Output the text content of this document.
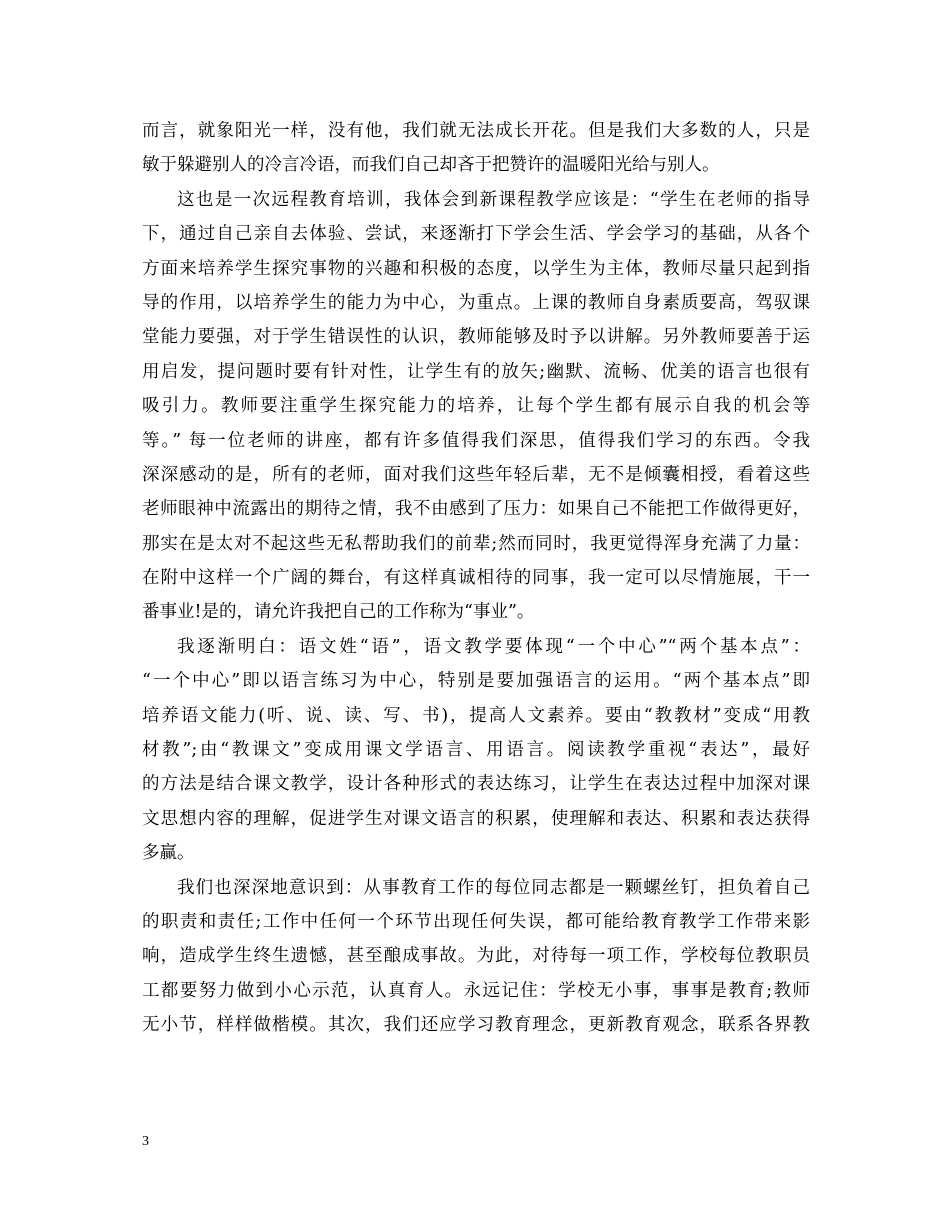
而言，就象阳光一样，没有他，我们就无法成长开花。但是我们大多数的人，只是
敏于躲避别人的冷言冷语，而我们自己却吝于把赞许的温暖阳光给与别人。
这也是一次远程教育培训，我体会到新课程教学应该是：“学生在老师的指导
下，通过自己亲自去体验、尝试，来逐渐打下学会生活、学会学习的基础，从各个
方面来培养学生探究事物的兴趣和积极的态度，以学生为主体，教师尽量只起到指
导的作用，以培养学生的能力为中心，为重点。上课的教师自身素质要高，驾驭课
堂能力要强，对于学生错误性的认识，教师能够及时予以讲解。另外教师要善于运
用启发，提问题时要有针对性，让学生有的放矢;幽默、流畅、优美的语言也很有
吸引力。教师要注重学生探究能力的培养，让每个学生都有展示自我的机会等
等。” 每一位老师的讲座，都有许多值得我们深思，值得我们学习的东西。令我
深深感动的是，所有的老师，面对我们这些年轻后辈，无不是倾囊相授，看着这些
老师眼神中流露出的期待之情，我不由感到了压力：如果自己不能把工作做得更好，
那实在是太对不起这些无私帮助我们的前辈;然而同时，我更觉得浑身充满了力量：
在附中这样一个广阔的舞台，有这样真诚相待的同事，我一定可以尽情施展，干一
番事业!是的，请允许我把自己的工作称为“事业”。
我逐渐明白：语文姓“语”，语文教学要体现“一个中心”“两个基本点”：
“一个中心”即以语言练习为中心，特别是要加强语言的运用。“两个基本点”即
培养语文能力(听、说、读、写、书)，提高人文素养。要由“教教材”变成“用教
材教”;由“教课文”变成用课文学语言、用语言。阅读教学重视“表达”，最好
的方法是结合课文教学，设计各种形式的表达练习，让学生在表达过程中加深对课
文思想内容的理解，促进学生对课文语言的积累，使理解和表达、积累和表达获得
多赢。
我们也深深地意识到：从事教育工作的每位同志都是一颗螺丝钉，担负着自己
的职责和责任;工作中任何一个环节出现任何失误，都可能给教育教学工作带来影
响，造成学生终生遗憾，甚至酿成事故。为此，对待每一项工作，学校每位教职员
工都要努力做到小心示范，认真育人。永远记住：学校无小事，事事是教育;教师
无小节，样样做楷模。其次，我们还应学习教育理念，更新教育观念，联系各界教
3
